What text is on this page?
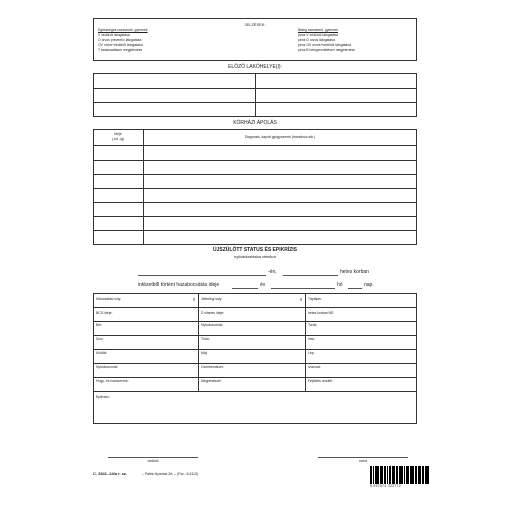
JELZÉSEK:
Egészséges csecsemő, gyermek
V védőnői látogatása
O orvos preventív látogatása
OV orvos+védőnői látogatása
T tanácsadáson megjelenése
Beteg csecsemő, gyermek
piros V védőnői látogatása
piros O orvos látogatása
piros OV orvos+védőnői látogatása
piros B betegrendelésen megjelenése
ELŐZŐ LAKÓHELYE(I):
KÓRHÁZI ÁPOLÁS
Ideje
(-tól -ig)	Diagnosis, kapott gyógyszerek (transfusio stb.)
ÚJSZÜLÖTT STATUS ÉS EPIKRÍZIS
nyilvántartásba vételkor
-én,	hetes korban
intézetből történt hazabocsátás ideje	év	hó	nap.
Kibocsátási súly:	g Jelenlegi súly:	g Táplálás:
BCG ideje:	D vitamin ideje:	hetes korban NE:
Bőr:	Nyirokcsomók:	Torok:
Szív:	Tüdő:	Has:
Köldök:	Máj:	Lép:
Nyirokcsomók:	Csontrendszer:	Izomzat:
Hugy- és ivarszervek:	Idegrendszer:	Fejlődés rendell.:
Epikrízis:
védőnő	orvos
C. 3341–24/a r. sz.	– Pátria Nyomda Zrt. – (Fsz.: 5-6113)
5 997674 322772
